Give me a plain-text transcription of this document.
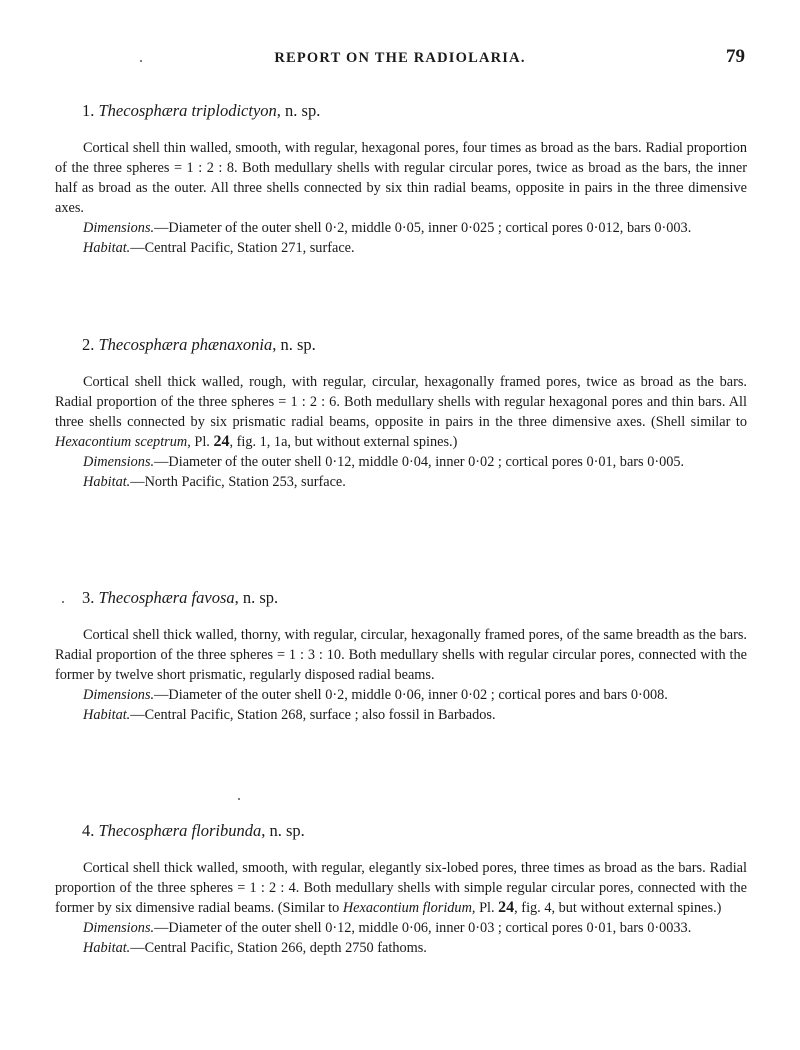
REPORT ON THE RADIOLARIA.	79
1. Thecosphæra triplodictyon, n. sp.

Cortical shell thin walled, smooth, with regular, hexagonal pores, four times as broad as the bars. Radial proportion of the three spheres = 1 : 2 : 8. Both medullary shells with regular circular pores, twice as broad as the bars, the inner half as broad as the outer. All three shells connected by six thin radial beams, opposite in pairs in the three dimensive axes.

Dimensions.—Diameter of the outer shell 0·2, middle 0·05, inner 0·025 ; cortical pores 0·012, bars 0·003.

Habitat.—Central Pacific, Station 271, surface.

2. Thecosphæra phænaxonia, n. sp.

Cortical shell thick walled, rough, with regular, circular, hexagonally framed pores, twice as broad as the bars. Radial proportion of the three spheres = 1 : 2 : 6. Both medullary shells with regular hexagonal pores and thin bars. All three shells connected by six prismatic radial beams, opposite in pairs in the three dimensive axes. (Shell similar to Hexacontium sceptrum, Pl. 24, fig. 1, 1a, but without external spines.)

Dimensions.—Diameter of the outer shell 0·12, middle 0·04, inner 0·02 ; cortical pores 0·01, bars 0·005.

Habitat.—North Pacific, Station 253, surface.

3. Thecosphæra favosa, n. sp.

Cortical shell thick walled, thorny, with regular, circular, hexagonally framed pores, of the same breadth as the bars. Radial proportion of the three spheres = 1 : 3 : 10. Both medullary shells with regular circular pores, connected with the former by twelve short prismatic, regularly disposed radial beams.

Dimensions.—Diameter of the outer shell 0·2, middle 0·06, inner 0·02 ; cortical pores and bars 0·008.

Habitat.—Central Pacific, Station 268, surface ; also fossil in Barbados.

4. Thecosphæra floribunda, n. sp.

Cortical shell thick walled, smooth, with regular, elegantly six-lobed pores, three times as broad as the bars. Radial proportion of the three spheres = 1 : 2 : 4. Both medullary shells with simple regular circular pores, connected with the former by six dimensive radial beams. (Similar to Hexacontium floridum, Pl. 24, fig. 4, but without external spines.)

Dimensions.—Diameter of the outer shell 0·12, middle 0·06, inner 0·03 ; cortical pores 0·01, bars 0·0033.

Habitat.—Central Pacific, Station 266, depth 2750 fathoms.
